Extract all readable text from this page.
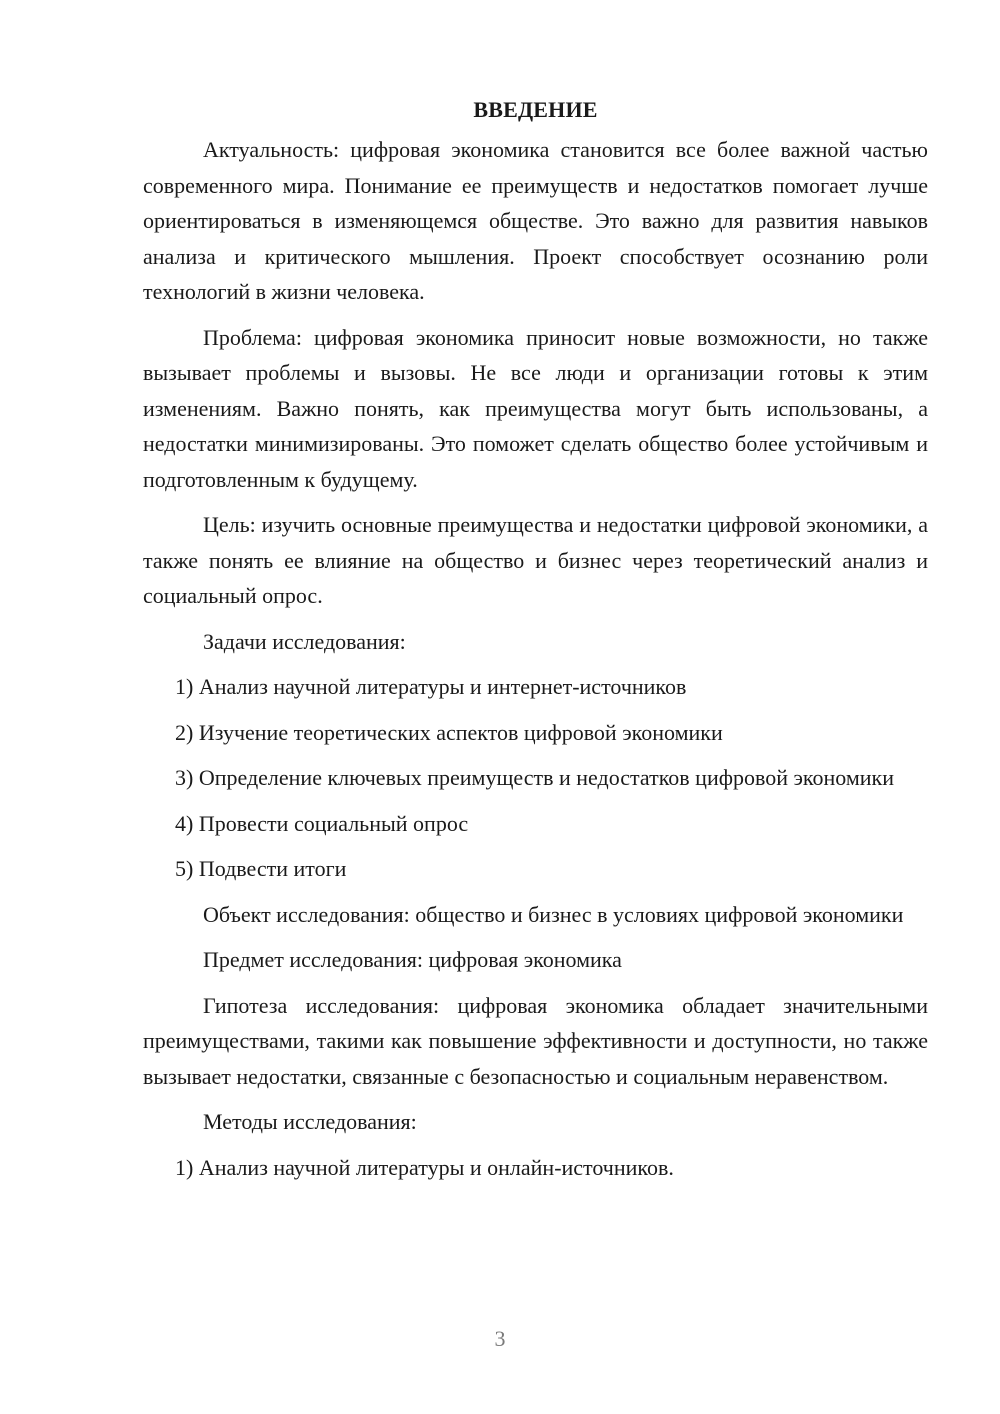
ВВЕДЕНИЕ

Актуальность: цифровая экономика становится все более важной частью современного мира. Понимание ее преимуществ и недостатков помогает лучше ориентироваться в изменяющемся обществе. Это важно для развития навыков анализа и критического мышления. Проект способствует осознанию роли технологий в жизни человека.

Проблема: цифровая экономика приносит новые возможности, но также вызывает проблемы и вызовы. Не все люди и организации готовы к этим изменениям. Важно понять, как преимущества могут быть использованы, а недостатки минимизированы. Это поможет сделать общество более устойчивым и подготовленным к будущему.

Цель: изучить основные преимущества и недостатки цифровой экономики, а также понять ее влияние на общество и бизнес через теоретический анализ и социальный опрос.

Задачи исследования:

1) Анализ научной литературы и интернет-источников

2) Изучение теоретических аспектов цифровой экономики

3) Определение ключевых преимуществ и недостатков цифровой экономики

4) Провести социальный опрос

5) Подвести итоги

Объект исследования: общество и бизнес в условиях цифровой экономики

Предмет исследования: цифровая экономика

Гипотеза исследования: цифровая экономика обладает значительными преимуществами, такими как повышение эффективности и доступности, но также вызывает недостатки, связанные с безопасностью и социальным неравенством.

Методы исследования:

1) Анализ научной литературы и онлайн-источников.

3
